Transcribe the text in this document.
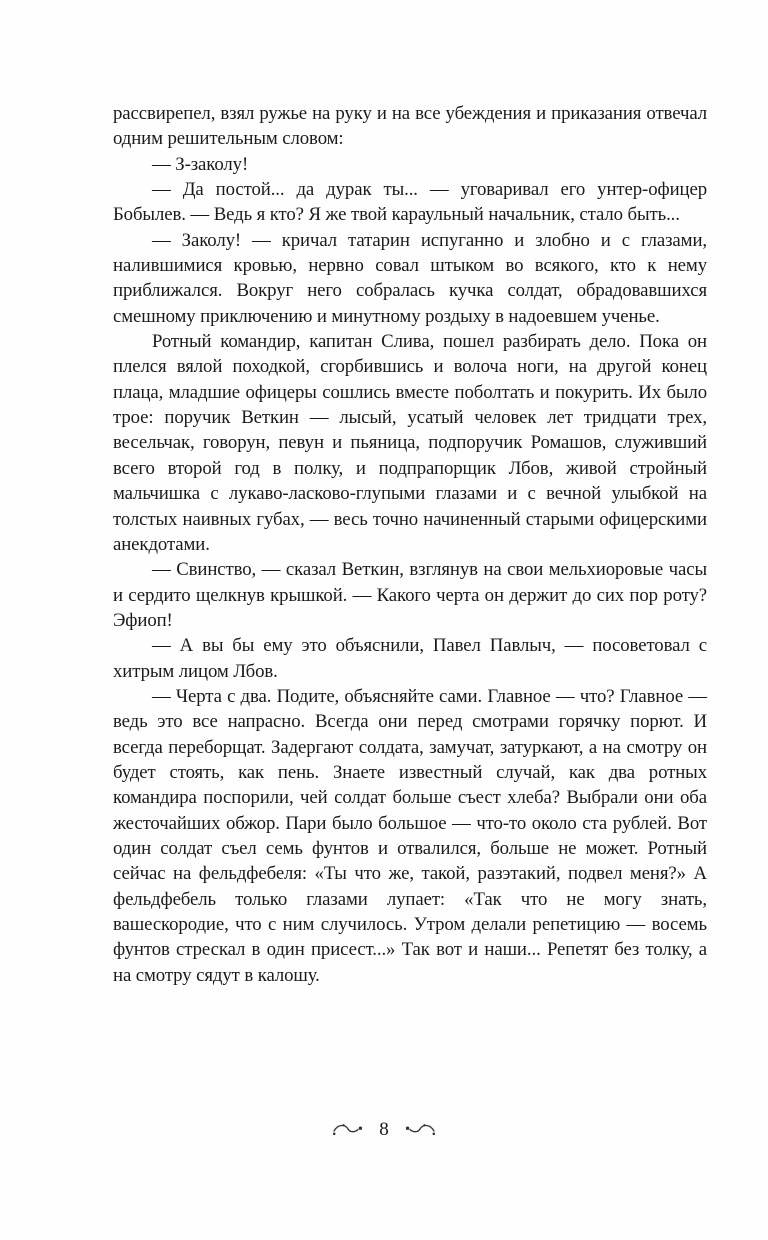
рассвирепел, взял ружье на руку и на все убеждения и приказания отвечал одним решительным словом:

— З-заколу!

— Да постой... да дурак ты... — уговаривал его унтер-офицер Бобылев. — Ведь я кто? Я же твой караульный начальник, стало быть...

— Заколу! — кричал татарин испуганно и злобно и с глазами, налившимися кровью, нервно совал штыком во всякого, кто к нему приближался. Вокруг него собралась кучка солдат, обрадовавшихся смешному приключению и минутному роздыху в надоевшем ученье.

Ротный командир, капитан Слива, пошел разбирать дело. Пока он плелся вялой походкой, сгорбившись и волоча ноги, на другой конец плаца, младшие офицеры сошлись вместе поболтать и покурить. Их было трое: поручик Веткин — лысый, усатый человек лет тридцати трех, весельчак, говорун, певун и пьяница, подпоручик Ромашов, служивший всего второй год в полку, и подпрапорщик Лбов, живой стройный мальчишка с лукаво-ласково-глупыми глазами и с вечной улыбкой на толстых наивных губах, — весь точно начиненный старыми офицерскими анекдотами.

— Свинство, — сказал Веткин, взглянув на свои мельхиоровые часы и сердито щелкнув крышкой. — Какого черта он держит до сих пор роту? Эфиоп!

— А вы бы ему это объяснили, Павел Павлыч, — посоветовал с хитрым лицом Лбов.

— Черта с два. Подите, объясняйте сами. Главное — что? Главное — ведь это все напрасно. Всегда они перед смотрами горячку порют. И всегда переборщат. Задергают солдата, замучат, затуркают, а на смотру он будет стоять, как пень. Знаете известный случай, как два ротных командира поспорили, чей солдат больше съест хлеба? Выбрали они оба жесточайших обжор. Пари было большое — что-то около ста рублей. Вот один солдат съел семь фунтов и отвалился, больше не может. Ротный сейчас на фельдфебеля: «Ты что же, такой, разэтакий, подвел меня?» А фельдфебель только глазами лупает: «Так что не могу знать, вашескородие, что с ним случилось. Утром делали репетицию — восемь фунтов стрескал в один присест...» Так вот и наши... Репетят без толку, а на смотру сядут в калошу.

8
